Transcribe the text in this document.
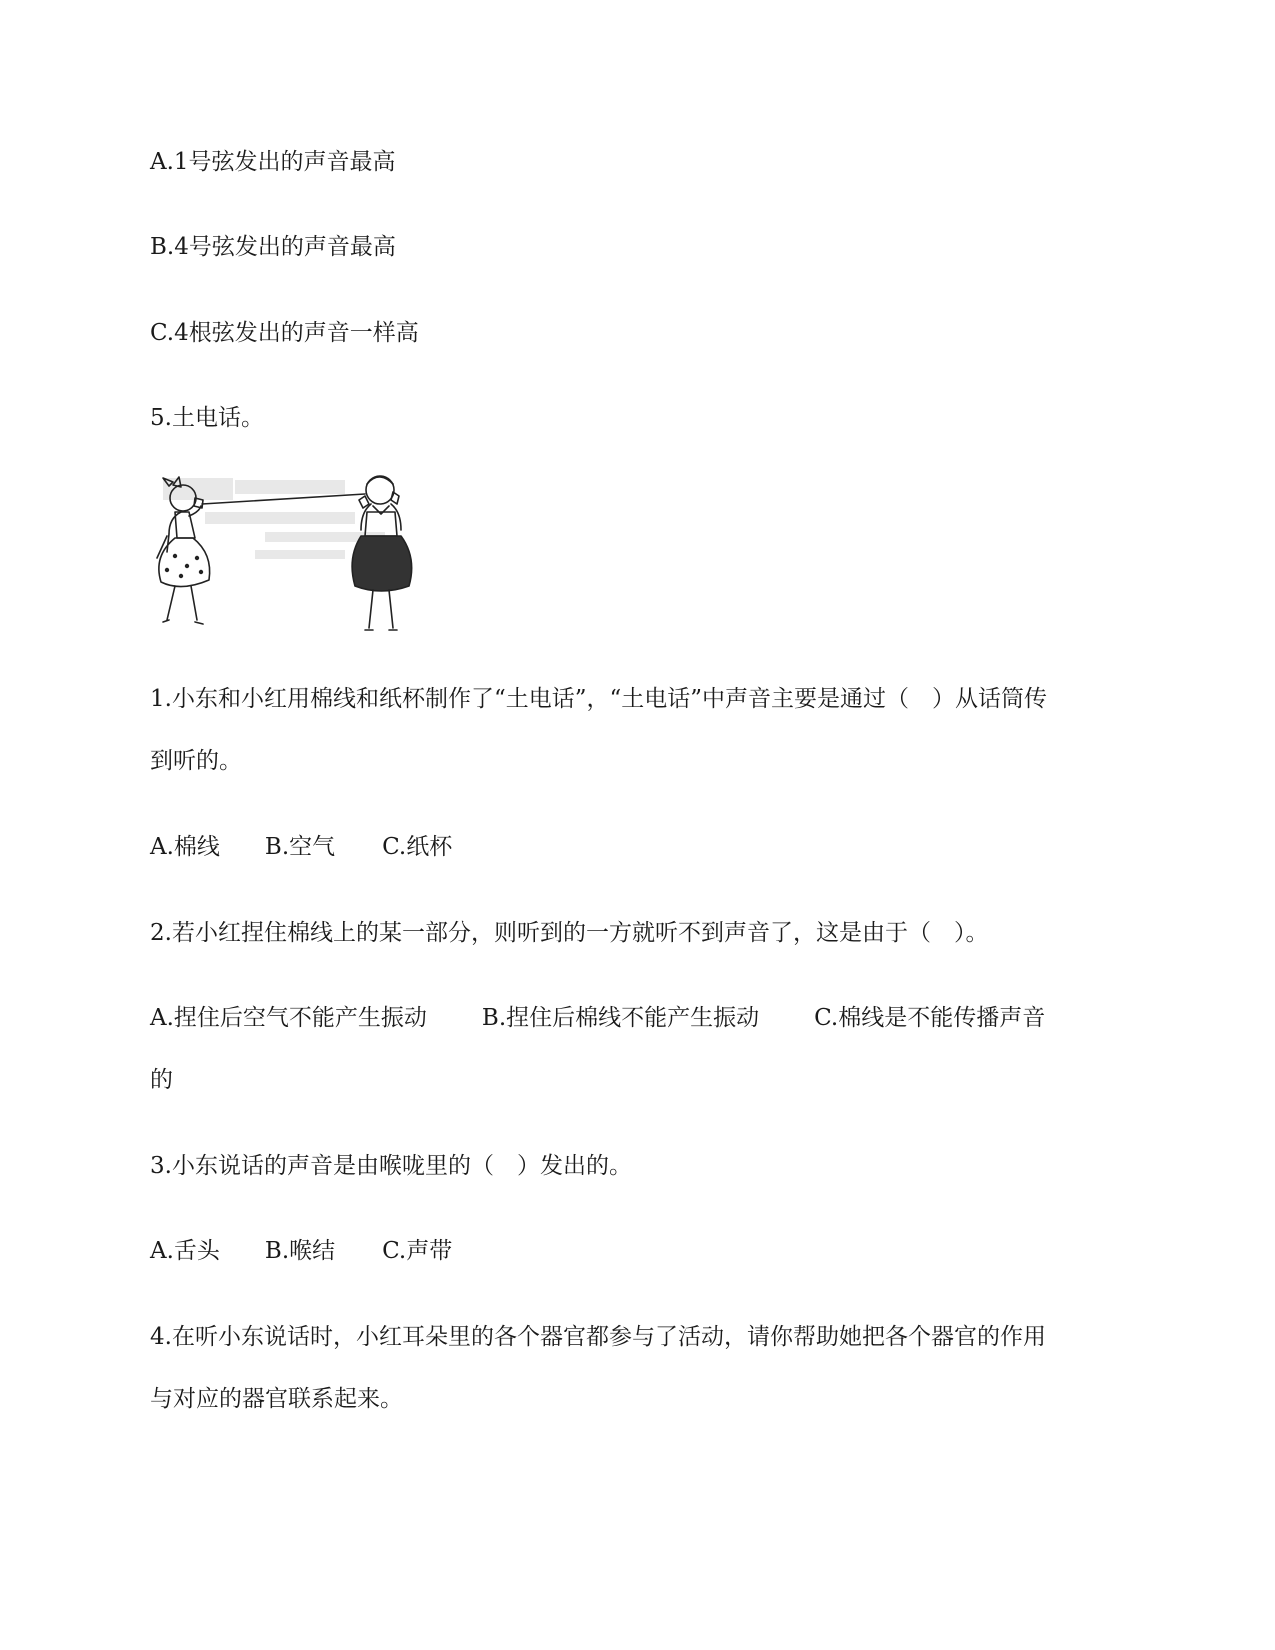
A.1号弦发出的声音最高
B.4号弦发出的声音最高
C.4根弦发出的声音一样高
5.土电话。
1.小东和小红用棉线和纸杯制作了“土电话”，“土电话”中声音主要是通过（　）从话筒传
到听的。
A.棉线 B.空气 C.纸杯
2.若小红捏住棉线上的某一部分，则听到的一方就听不到声音了，这是由于（　）。
A.捏住后空气不能产生振动 B.捏住后棉线不能产生振动 C.棉线是不能传播声音
的
3.小东说话的声音是由喉咙里的（　）发出的。
A.舌头 B.喉结 C.声带
4.在听小东说话时，小红耳朵里的各个器官都参与了活动，请你帮助她把各个器官的作用
与对应的器官联系起来。
